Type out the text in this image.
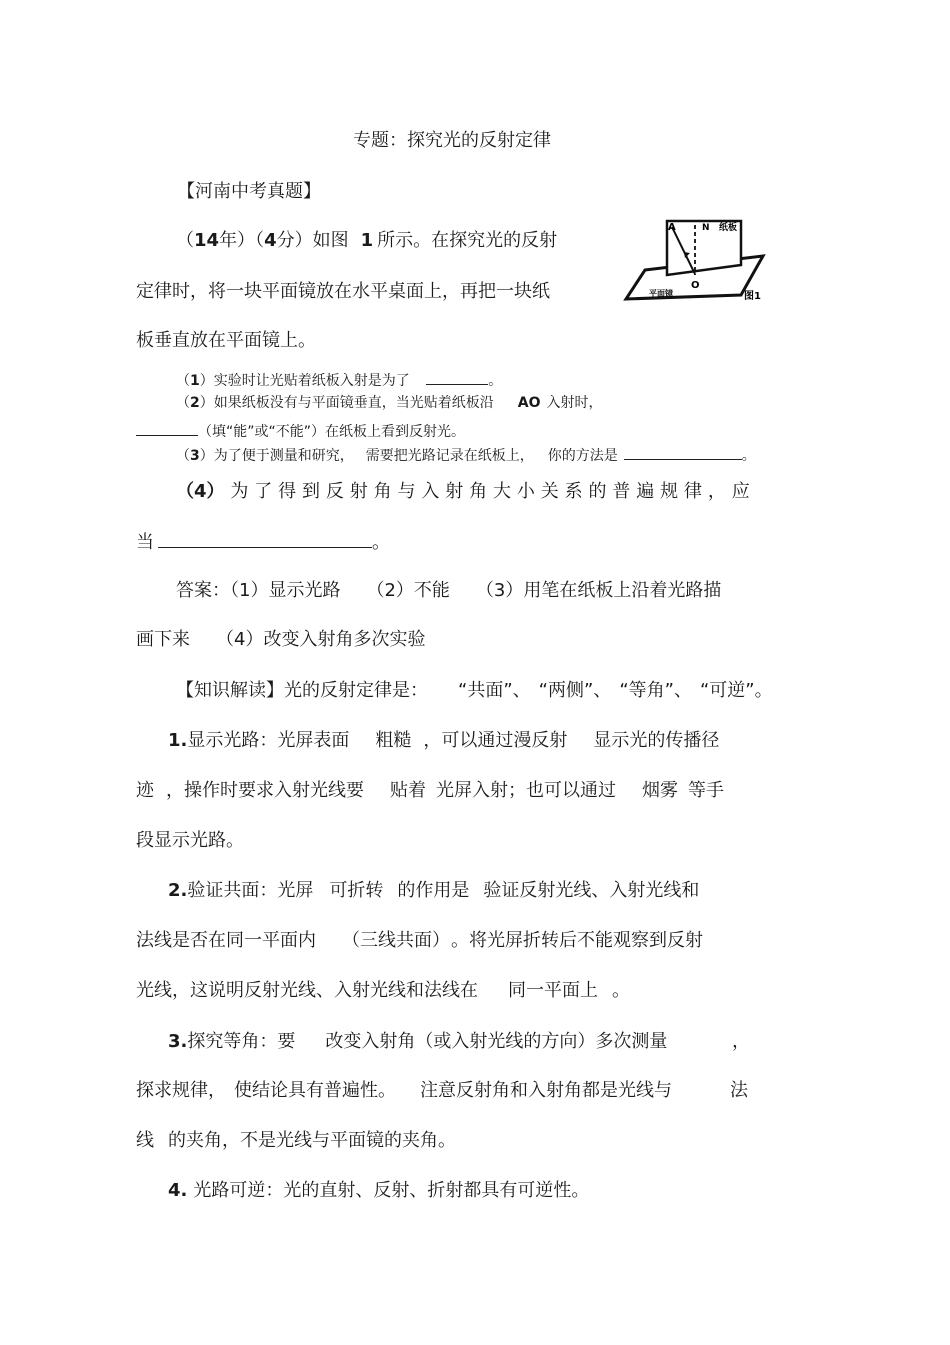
专题：探究光的反射定律
【河南中考真题】
（14年）（4分）如图 1 所示。在探究光的反射
定律时，将一块平面镜放在水平桌面上，再把一块纸
板垂直放在平面镜上。
A	N 纸板
O
平面镜	图1
（1）实验时让光贴着纸板入射是为了	。
（2）如果纸板没有与平面镜垂直，当光贴着纸板沿 AO 入射时，
（填“能”或“不能”）在纸板上看到反射光。
（3）为了便于测量和研究， 需要把光路记录在纸板上， 你的方法是	。
（4） 为 了 得 到 反 射 角 与 入 射 角 大 小 关 系 的 普 遍 规 律 ， 应
当	。
答案：（1）显示光路 （2）不能 （3）用笔在纸板上沿着光路描
画下来 （4）改变入射角多次实验
【知识解读】光的反射定律是： “共面”、 “两侧”、 “等角”、 “可逆”。
1.显示光路：光屏表面 粗糙 ，可以通过漫反射 显示光的传播径
迹 ，操作时要求入射光线要 贴着 光屏入射；也可以通过 烟雾 等手
段显示光路。
2.验证共面：光屏 可折转 的作用是 验证反射光线、入射光线和
法线是否在同一平面内 （三线共面） 。将光屏折转后不能观察到反射
光线，这说明反射光线、入射光线和法线在 同一平面上 。
3.探究等角：要 改变入射角（或入射光线的方向）多次测量	，
探求规律， 使结论具有普遍性。 注意反射角和入射角都是光线与	法
线 的夹角，不是光线与平面镜的夹角。
4. 光路可逆：光的直射、反射、折射都具有可逆性。
